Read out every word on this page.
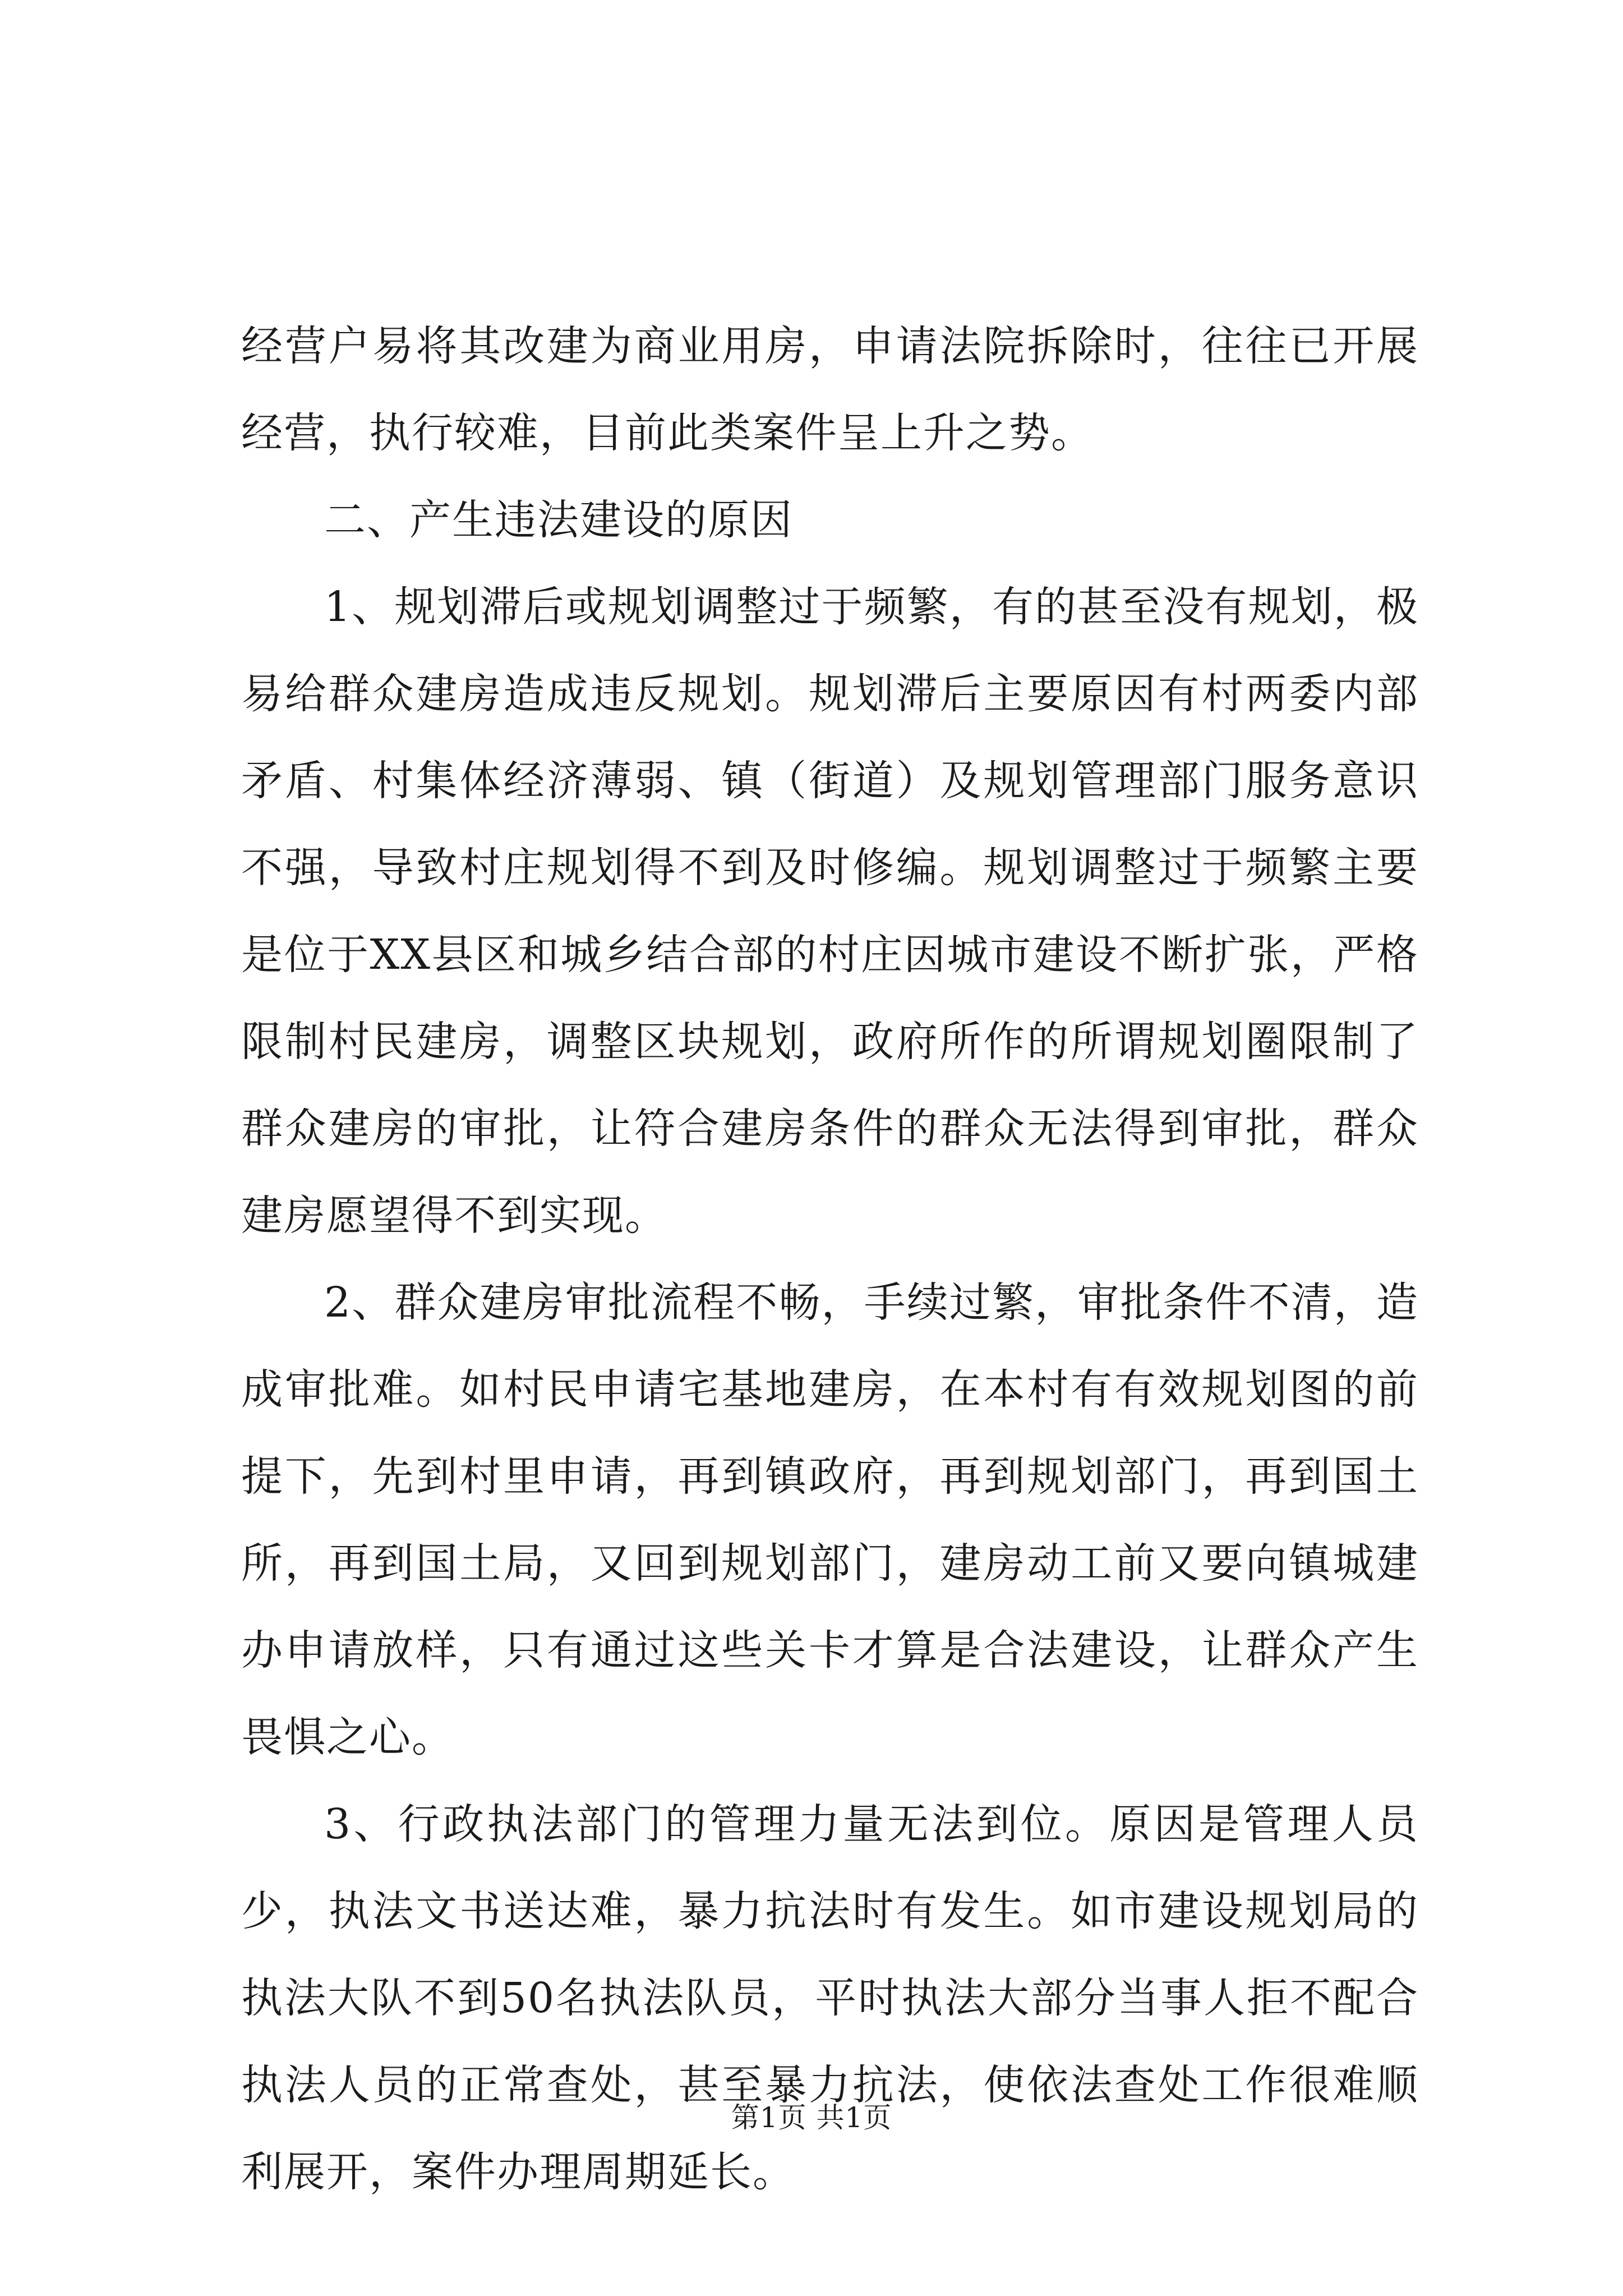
经营户易将其改建为商业用房，申请法院拆除时，往往已开展经营，执行较难，目前此类案件呈上升之势。

二、产生违法建设的原因

1、规划滞后或规划调整过于频繁，有的甚至没有规划，极易给群众建房造成违反规划。规划滞后主要原因有村两委内部矛盾、村集体经济薄弱、镇（街道）及规划管理部门服务意识不强，导致村庄规划得不到及时修编。规划调整过于频繁主要是位于XX县区和城乡结合部的村庄因城市建设不断扩张，严格限制村民建房，调整区块规划，政府所作的所谓规划圈限制了群众建房的审批，让符合建房条件的群众无法得到审批，群众建房愿望得不到实现。

2、群众建房审批流程不畅，手续过繁，审批条件不清，造成审批难。如村民申请宅基地建房，在本村有有效规划图的前提下，先到村里申请，再到镇政府，再到规划部门，再到国土所，再到国土局，又回到规划部门，建房动工前又要向镇城建办申请放样，只有通过这些关卡才算是合法建设，让群众产生畏惧之心。

3、行政执法部门的管理力量无法到位。原因是管理人员少，执法文书送达难，暴力抗法时有发生。如市建设规划局的执法大队不到50名执法队员，平时执法大部分当事人拒不配合执法人员的正常查处，甚至暴力抗法，使依法查处工作很难顺利展开，案件办理周期延长。

第1页 共1页
